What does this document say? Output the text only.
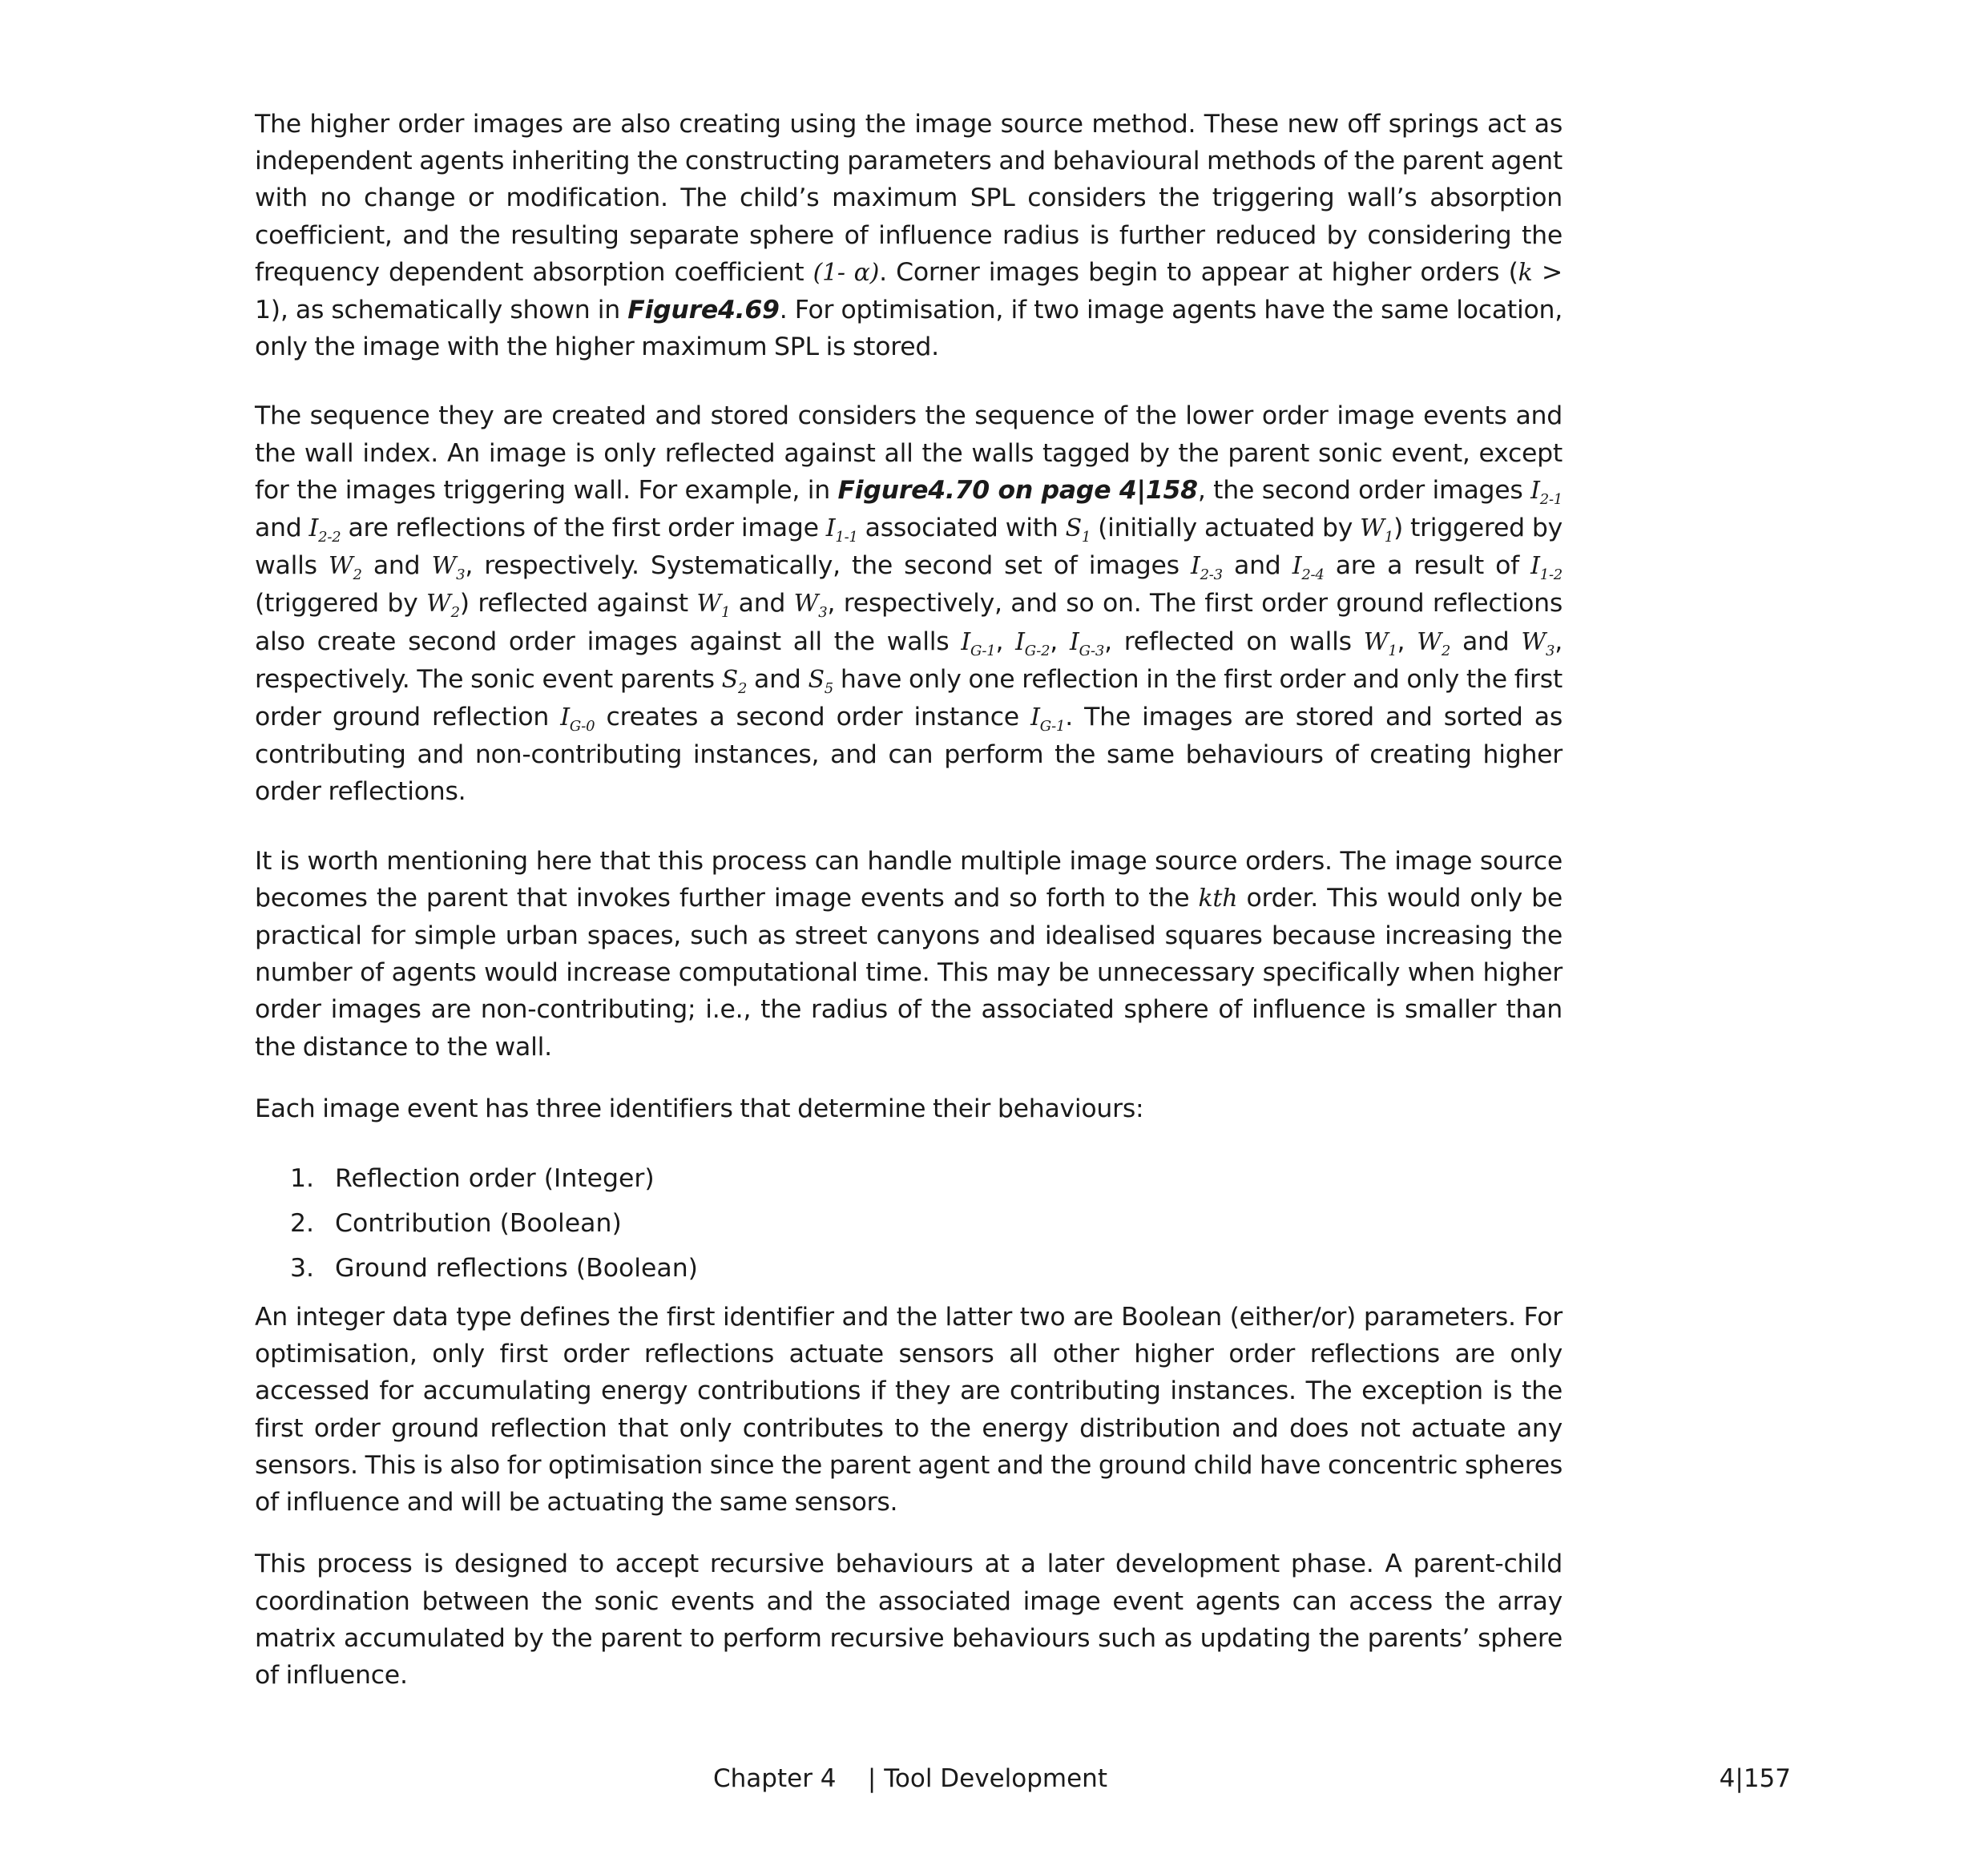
The higher order images are also creating using the image source method. These new off springs act as independent agents inheriting the constructing parameters and behavioural methods of the parent agent with no change or modification. The child’s maximum SPL considers the triggering wall’s absorption coefficient, and the resulting separate sphere of influence radius is further reduced by considering the frequency dependent absorption coefficient (1- α). Corner images begin to appear at higher orders (k > 1), as schematically shown in Figure4.69. For optimisation, if two image agents have the same location, only the image with the higher maximum SPL is stored.

The sequence they are created and stored considers the sequence of the lower order image events and the wall index. An image is only reflected against all the walls tagged by the parent sonic event, except for the images triggering wall. For example, in Figure4.70 on page 4|158, the second order images $I_{2-1}$ and $I_{2-2}$ are reflections of the first order image $I_{1-1}$ associated with $S_1$ (initially actuated by $W_1$) triggered by walls $W_2$ and $W_3$, respectively. Systematically, the second set of images $I_{2-3}$ and $I_{2-4}$ are a result of $I_{1-2}$ (triggered by $W_2$) reflected against $W_1$ and $W_3$, respectively, and so on. The first order ground reflections also create second order images against all the walls $I_{G-1}$, $I_{G-2}$, $I_{G-3}$, reflected on walls $W_1$, $W_2$ and $W_3$, respectively. The sonic event parents $S_2$ and $S_5$ have only one reflection in the first order and only the first order ground reflection $I_{G-0}$ creates a second order instance $I_{G-1}$. The images are stored and sorted as contributing and non-contributing instances, and can perform the same behaviours of creating higher order reflections.

It is worth mentioning here that this process can handle multiple image source orders. The image source becomes the parent that invokes further image events and so forth to the kth order. This would only be practical for simple urban spaces, such as street canyons and idealised squares because increasing the number of agents would increase computational time. This may be unnecessary specifically when higher order images are non-contributing; i.e., the radius of the associated sphere of influence is smaller than the distance to the wall.

Each image event has three identifiers that determine their behaviours:

1. Reflection order (Integer)
2. Contribution (Boolean)
3. Ground reflections (Boolean)

An integer data type defines the first identifier and the latter two are Boolean (either/or) parameters. For optimisation, only first order reflections actuate sensors all other higher order reflections are only accessed for accumulating energy contributions if they are contributing instances. The exception is the first order ground reflection that only contributes to the energy distribution and does not actuate any sensors. This is also for optimisation since the parent agent and the ground child have concentric spheres of influence and will be actuating the same sensors.

This process is designed to accept recursive behaviours at a later development phase. A parent-child coordination between the sonic events and the associated image event agents can access the array matrix accumulated by the parent to perform recursive behaviours such as updating the parents’ sphere of influence.

Chapter 4    | Tool Development	4|157
